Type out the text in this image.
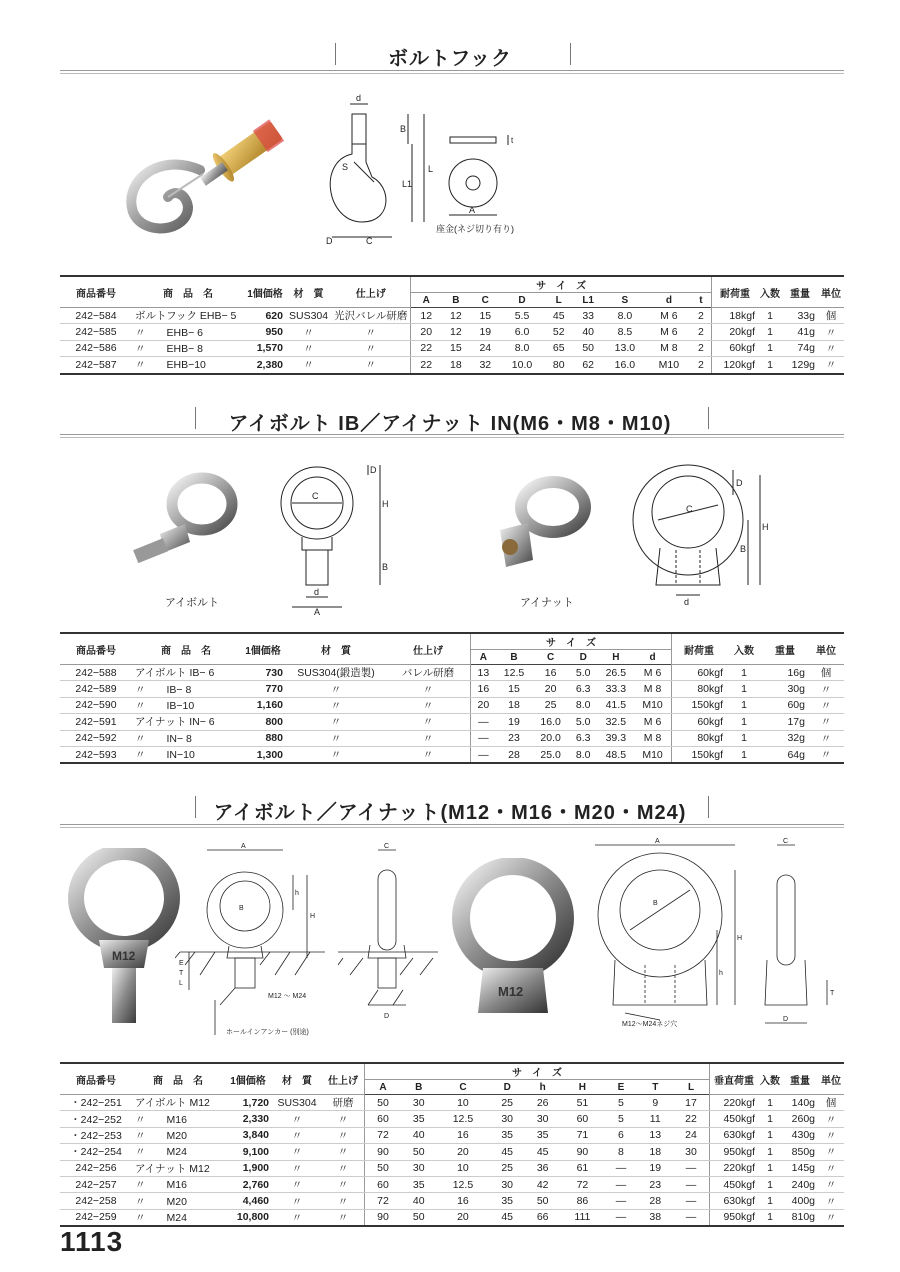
ボルトフック
d
B
S
L1
L
D	C
A
t
座金(ネジ切り有り)
商品番号	商　品　名	1個価格	材　質	仕上げ	サ　イ　ズ									耐荷重	入数	重量	単位
					A	B	C	D	L	L1	S	d	t				
242−584	ボルトフック EHB− 5	620	SUS304	光沢バレル研磨	12	12	15	5.5	45	33	8.0	M 6	2	18kgf	1	33g	個
242−585	〃　　EHB− 6	950	〃	〃	20	12	19	6.0	52	40	8.5	M 6	2	20kgf	1	41g	〃
242−586	〃　　EHB− 8	1,570	〃	〃	22	15	24	8.0	65	50	13.0	M 8	2	60kgf	1	74g	〃
242−587	〃　　EHB−10	2,380	〃	〃	22	18	32	10.0	80	62	16.0	M10	2	120kgf	1	129g	〃
アイボルト IB／アイナット IN(M6・M8・M10)
アイボルト
C
D
H
B
d
A
アイナット
C
D
H
B
d
商品番号	商　品　名	1個価格	材　質	仕上げ	サ　イ　ズ						耐荷重	入数	重量	単位
					A	B	C	D	H	d				
242−588	アイボルト IB− 6	730	SUS304(鍛造製)	バレル研磨	13	12.5	16	5.0	26.5	M 6	60kgf	1	16g	個
242−589	〃　　IB− 8	770	〃	〃	16	15	20	6.3	33.3	M 8	80kgf	1	30g	〃
242−590	〃　　IB−10	1,160	〃	〃	20	18	25	8.0	41.5	M10	150kgf	1	60g	〃
242−591	アイナット IN− 6	800	〃	〃	—	19	16.0	5.0	32.5	M 6	60kgf	1	17g	〃
242−592	〃　　IN− 8	880	〃	〃	—	23	20.0	6.3	39.3	M 8	80kgf	1	32g	〃
242−593	〃　　IN−10	1,300	〃	〃	—	28	25.0	8.0	48.5	M10	150kgf	1	64g	〃
アイボルト／アイナット(M12・M16・M20・M24)
M12
A
B
H
h
E
T
L
M12 〜 M24
ホールインアンカー (別途)
C
D
M12
A
B
H
h
M12〜M24ネジ穴
C
T
D
商品番号	商　品　名	1個価格	材　質	仕上げ	サ　イ　ズ									垂直荷重	入数	重量	単位
					A	B	C	D	h	H	E	T	L				
・242−251	アイボルト M12	1,720	SUS304	研磨	50	30	10	25	26	51	5	9	17	220kgf	1	140g	個
・242−252	〃　　M16	2,330	〃	〃	60	35	12.5	30	30	60	5	11	22	450kgf	1	260g	〃
・242−253	〃　　M20	3,840	〃	〃	72	40	16	35	35	71	6	13	24	630kgf	1	430g	〃
・242−254	〃　　M24	9,100	〃	〃	90	50	20	45	45	90	8	18	30	950kgf	1	850g	〃
242−256	アイナット M12	1,900	〃	〃	50	30	10	25	36	61	—	19	—	220kgf	1	145g	〃
242−257	〃　　M16	2,760	〃	〃	60	35	12.5	30	42	72	—	23	—	450kgf	1	240g	〃
242−258	〃　　M20	4,460	〃	〃	72	40	16	35	50	86	—	28	—	630kgf	1	400g	〃
242−259	〃　　M24	10,800	〃	〃	90	50	20	45	66	111	—	38	—	950kgf	1	810g	〃
1113
